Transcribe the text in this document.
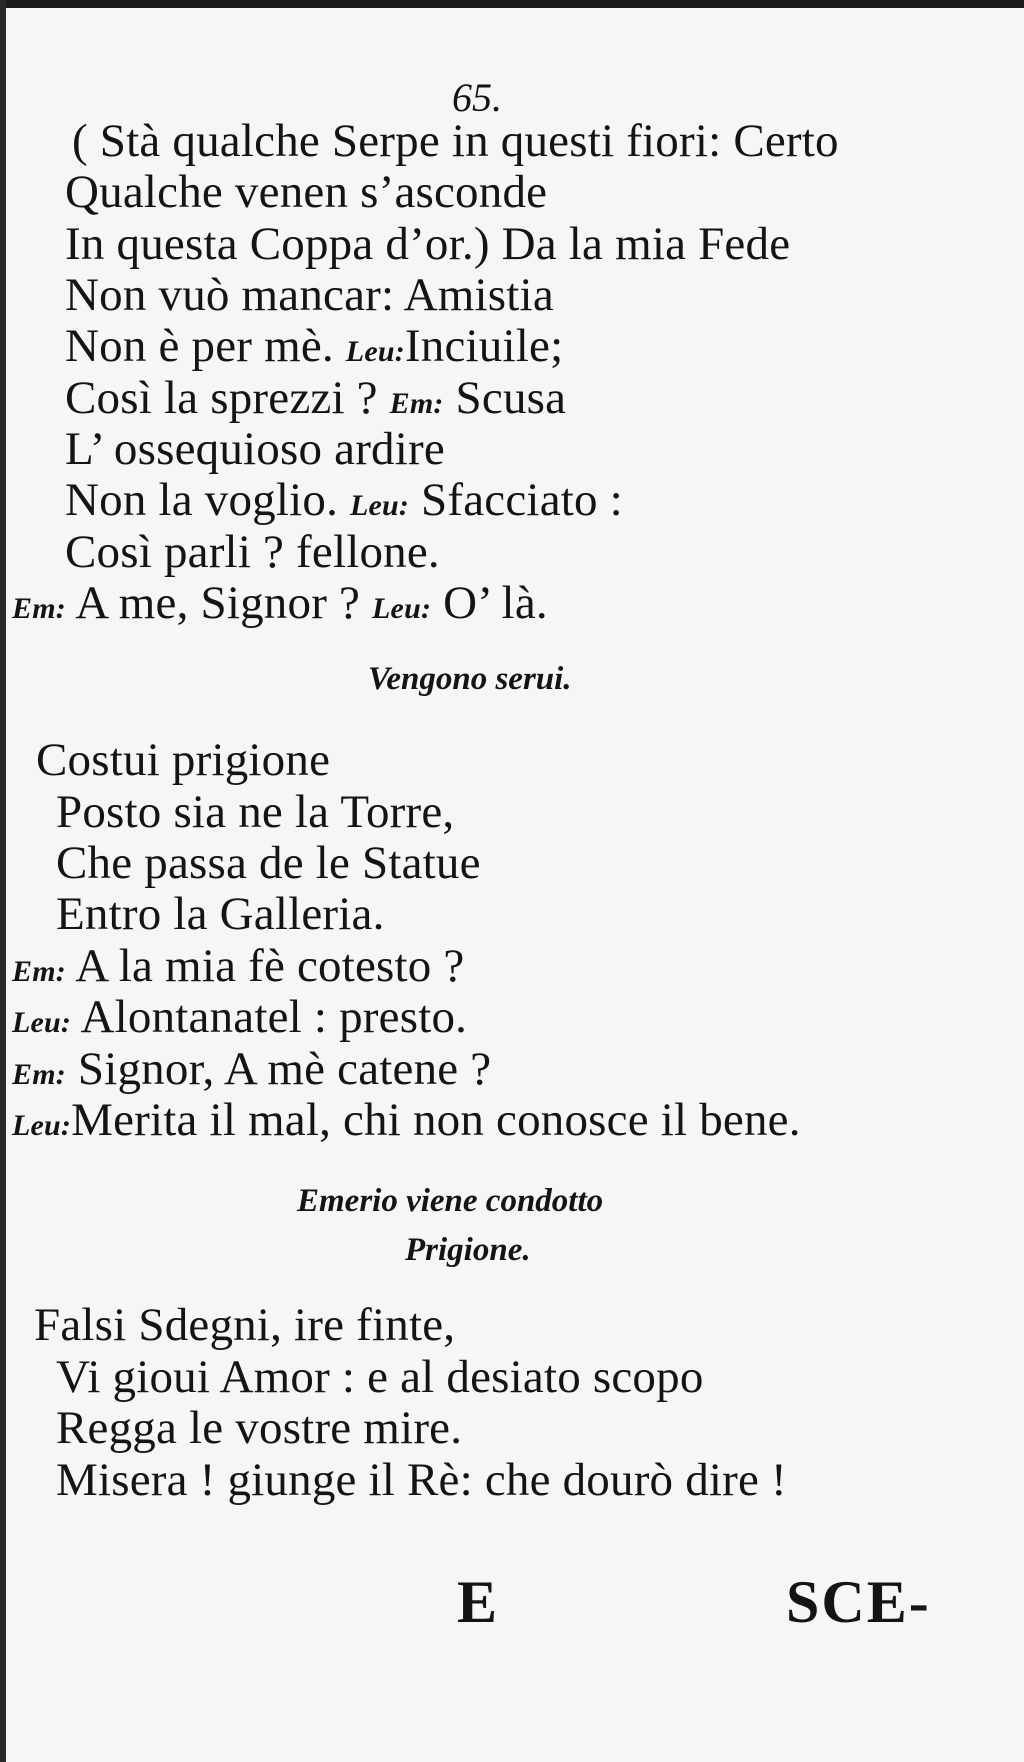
65.
( Stà qualche Serpe in questi fiori: Certo
Qualche venen s’asconde
In questa Coppa d’or.) Da la mia Fede
Non vuò mancar: Amistia
Non è per mè. Leu:Inciuile;
Così la sprezzi ? Em: Scusa
L’ ossequioso ardire
Non la voglio. Leu: Sfacciato :
Così parli ? fellone.
Em: A me, Signor ? Leu: O’ là.
Vengono serui.
Costui prigione
Posto sia ne la Torre,
Che passa de le Statue
Entro la Galleria.
Em: A la mia fè cotesto ?
Leu: Alontanatel : presto.
Em: Signor, A mè catene ?
Leu:Merita il mal, chi non conosce il bene.
Emerio viene condotto
Prigione.
Falsi Sdegni, ire finte,
Vi gioui Amor : e al desiato scopo
Regga le vostre mire.
Misera ! giunge il Rè: che dourò dire !
E	SCE-
